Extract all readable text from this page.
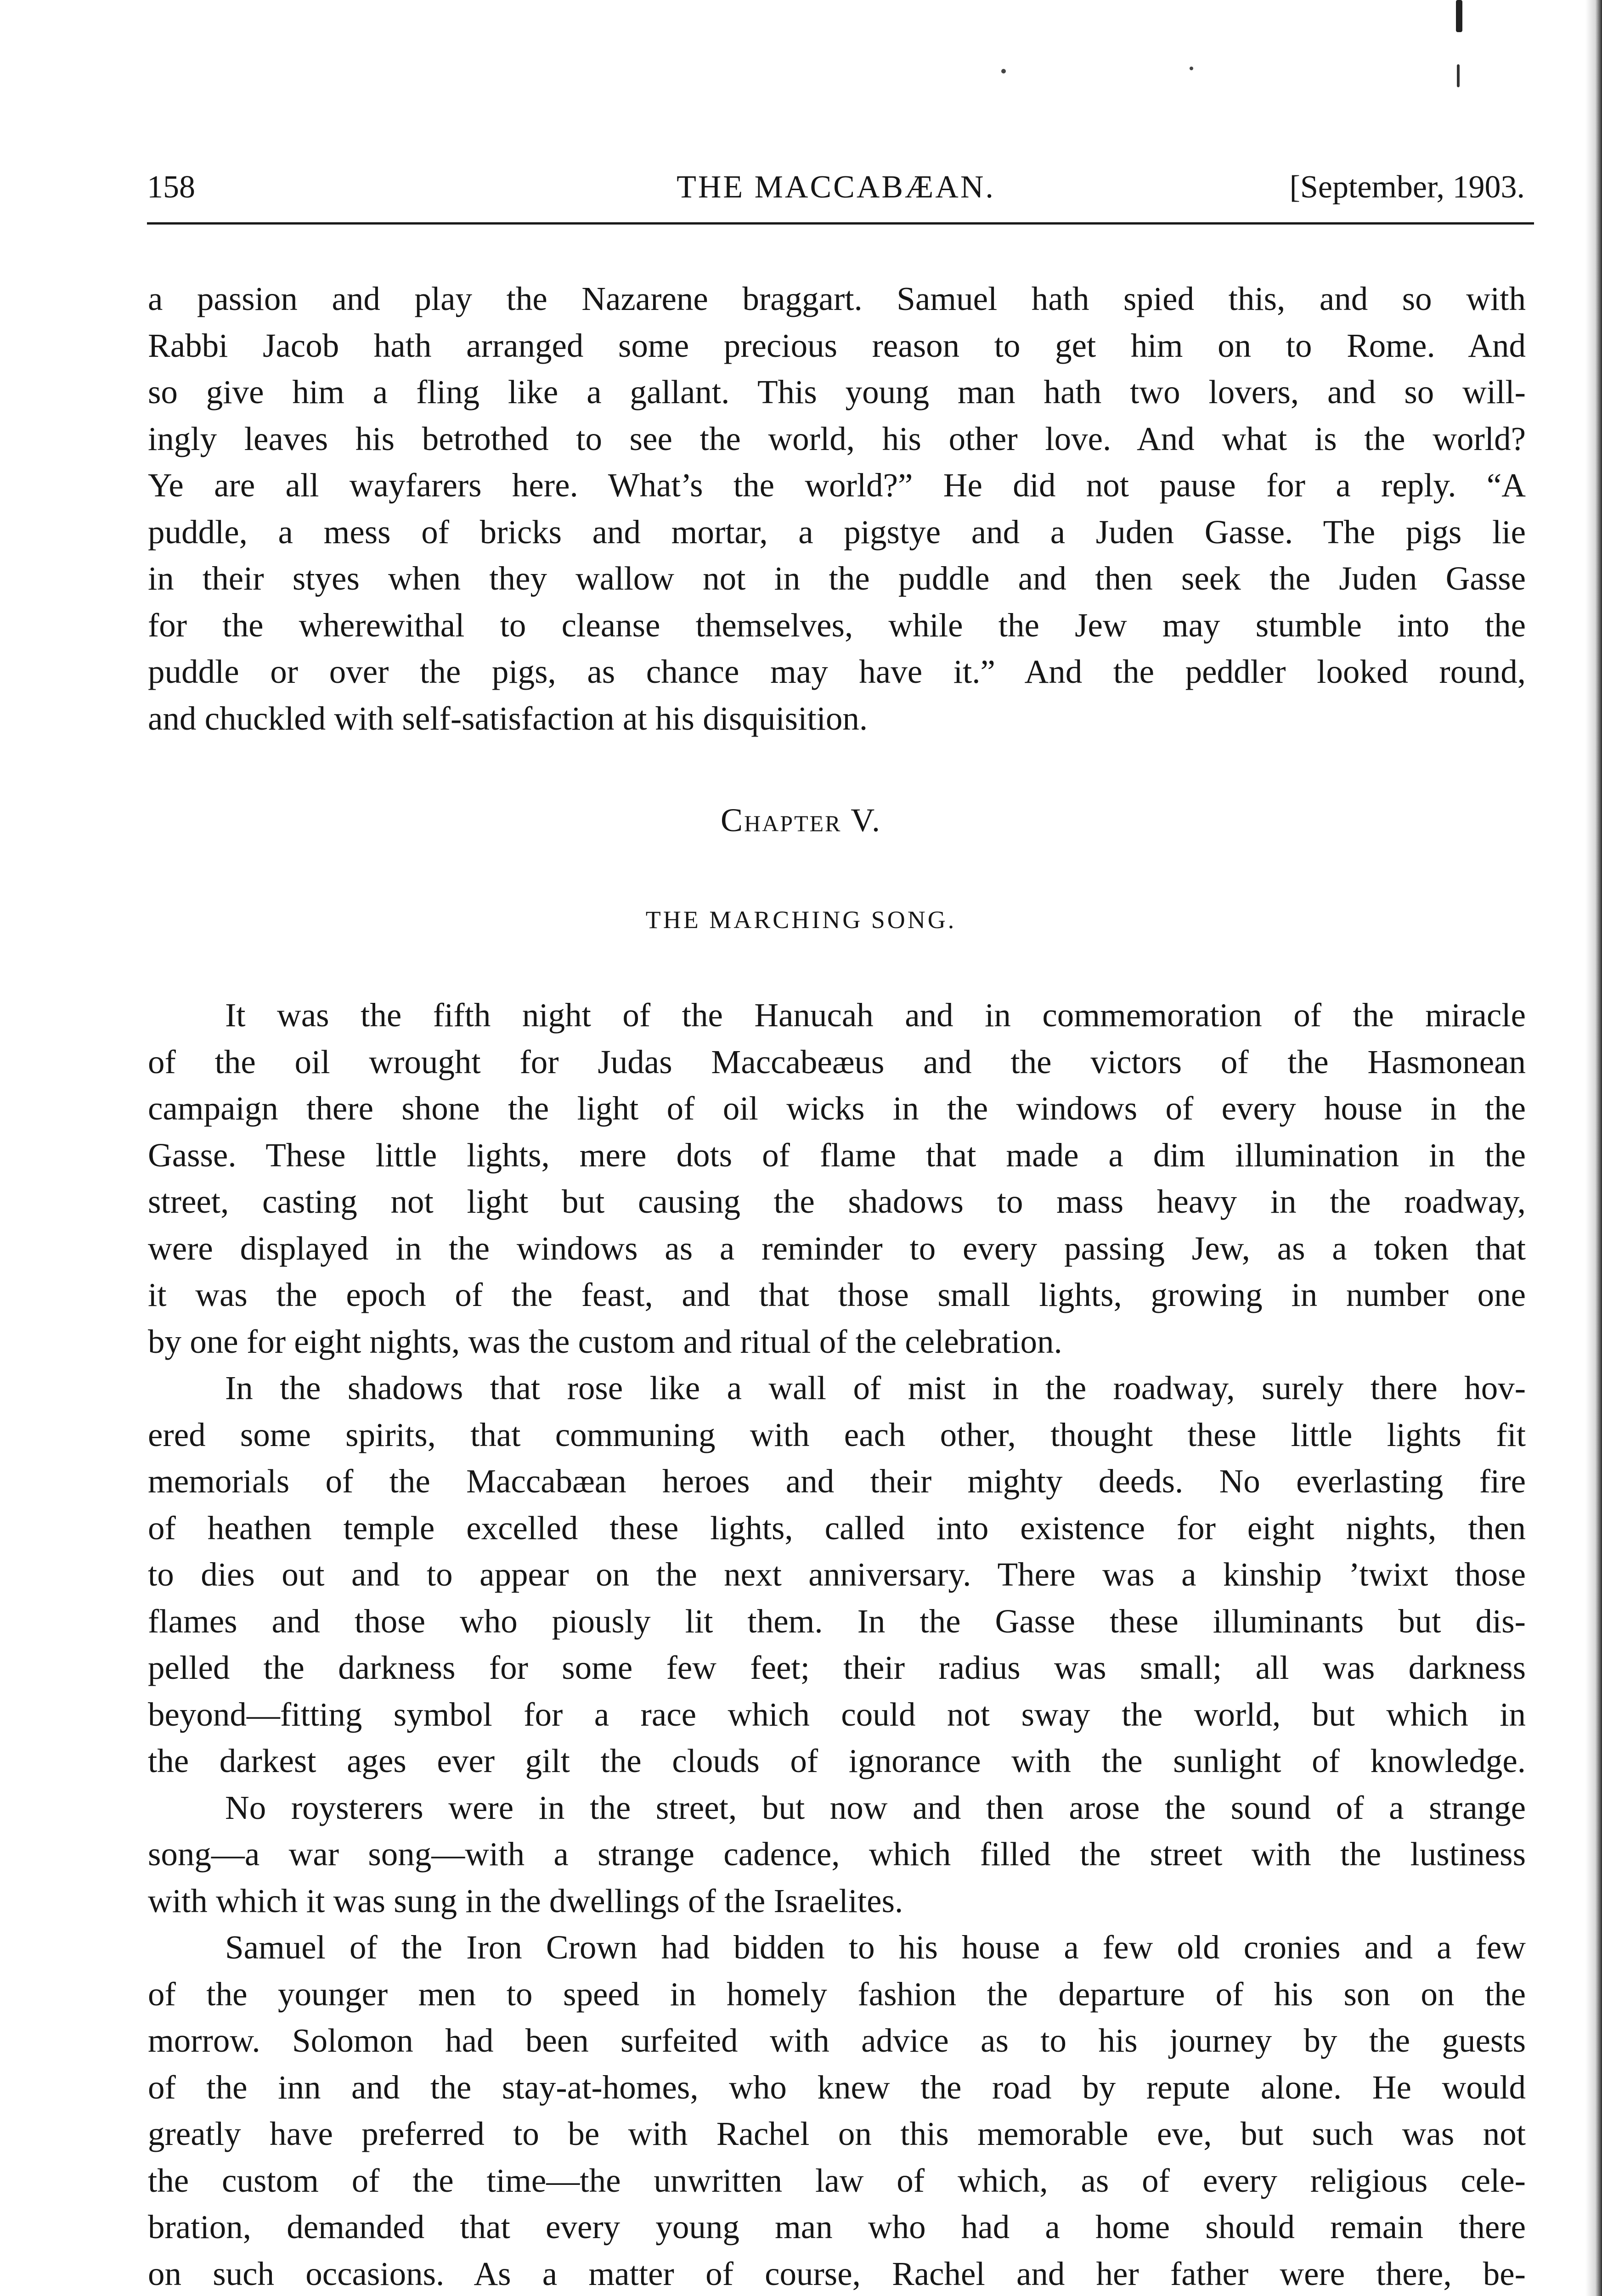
158	THE MACCABÆAN.	[September, 1903.
a passion and play the Nazarene braggart. Samuel hath spied this, and so with
Rabbi Jacob hath arranged some precious reason to get him on to Rome. And
so give him a fling like a gallant. This young man hath two lovers, and so will-
ingly leaves his betrothed to see the world, his other love. And what is the world?
Ye are all wayfarers here. What’s the world?” He did not pause for a reply. “A
puddle, a mess of bricks and mortar, a pigstye and a Juden Gasse. The pigs lie
in their styes when they wallow not in the puddle and then seek the Juden Gasse
for the wherewithal to cleanse themselves, while the Jew may stumble into the
puddle or over the pigs, as chance may have it.” And the peddler looked round,
and chuckled with self-satisfaction at his disquisition.
Chapter V.
THE MARCHING SONG.
It was the fifth night of the Hanucah and in commemoration of the miracle
of the oil wrought for Judas Maccabeæus and the victors of the Hasmonean
campaign there shone the light of oil wicks in the windows of every house in the
Gasse. These little lights, mere dots of flame that made a dim illumination in the
street, casting not light but causing the shadows to mass heavy in the roadway,
were displayed in the windows as a reminder to every passing Jew, as a token that
it was the epoch of the feast, and that those small lights, growing in number one
by one for eight nights, was the custom and ritual of the celebration.
In the shadows that rose like a wall of mist in the roadway, surely there hov-
ered some spirits, that communing with each other, thought these little lights fit
memorials of the Maccabæan heroes and their mighty deeds. No everlasting fire
of heathen temple excelled these lights, called into existence for eight nights, then
to dies out and to appear on the next anniversary. There was a kinship ’twixt those
flames and those who piously lit them. In the Gasse these illuminants but dis-
pelled the darkness for some few feet; their radius was small; all was darkness
beyond—fitting symbol for a race which could not sway the world, but which in
the darkest ages ever gilt the clouds of ignorance with the sunlight of knowledge.
No roysterers were in the street, but now and then arose the sound of a strange
song—a war song—with a strange cadence, which filled the street with the lustiness
with which it was sung in the dwellings of the Israelites.
Samuel of the Iron Crown had bidden to his house a few old cronies and a few
of the younger men to speed in homely fashion the departure of his son on the
morrow. Solomon had been surfeited with advice as to his journey by the guests
of the inn and the stay-at-homes, who knew the road by repute alone. He would
greatly have preferred to be with Rachel on this memorable eve, but such was not
the custom of the time—the unwritten law of which, as of every religious cele-
bration, demanded that every young man who had a home should remain there
on such occasions. As a matter of course, Rachel and her father were there, be-
